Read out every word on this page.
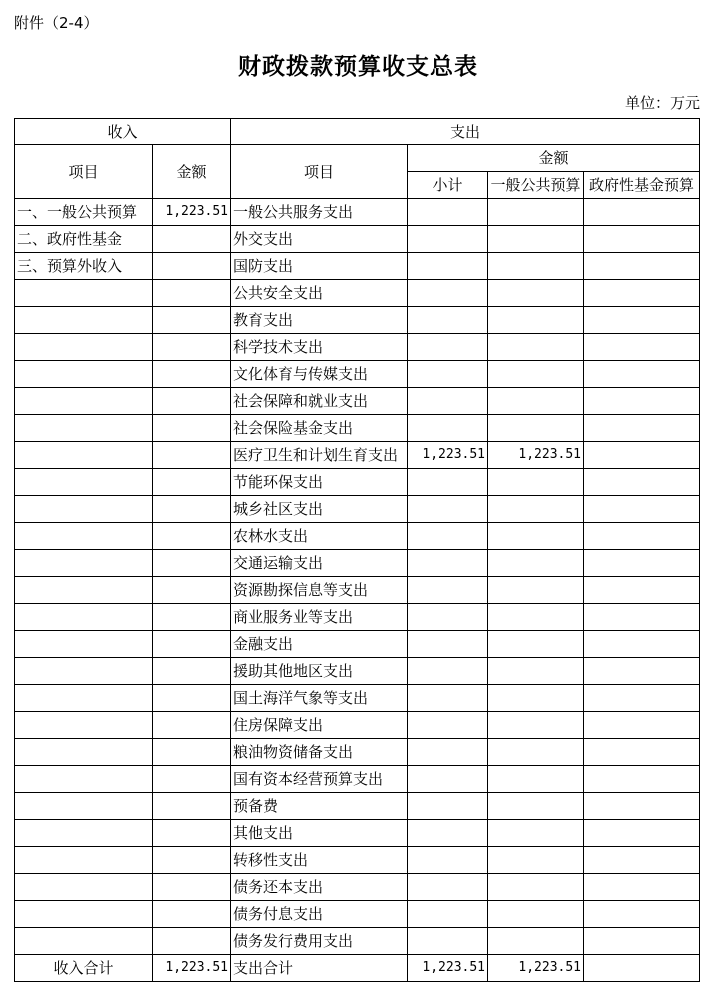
附件（2-4）
财政拨款预算收支总表
单位：万元
收入		支出			
项目	金额	项目	金额		
			小计	一般公共预算	政府性基金预算
一、一般公共预算	1,223.51	一般公共服务支出			
二、政府性基金		外交支出			
三、预算外收入		国防支出			
		公共安全支出			
		教育支出			
		科学技术支出			
		文化体育与传媒支出			
		社会保障和就业支出			
		社会保险基金支出			
		医疗卫生和计划生育支出	1,223.51	1,223.51	
		节能环保支出			
		城乡社区支出			
		农林水支出			
		交通运输支出			
		资源勘探信息等支出			
		商业服务业等支出			
		金融支出			
		援助其他地区支出			
		国土海洋气象等支出			
		住房保障支出			
		粮油物资储备支出			
		国有资本经营预算支出			
		预备费			
		其他支出			
		转移性支出			
		债务还本支出			
		债务付息支出			
		债务发行费用支出			
收入合计	1,223.51	支出合计	1,223.51	1,223.51	
